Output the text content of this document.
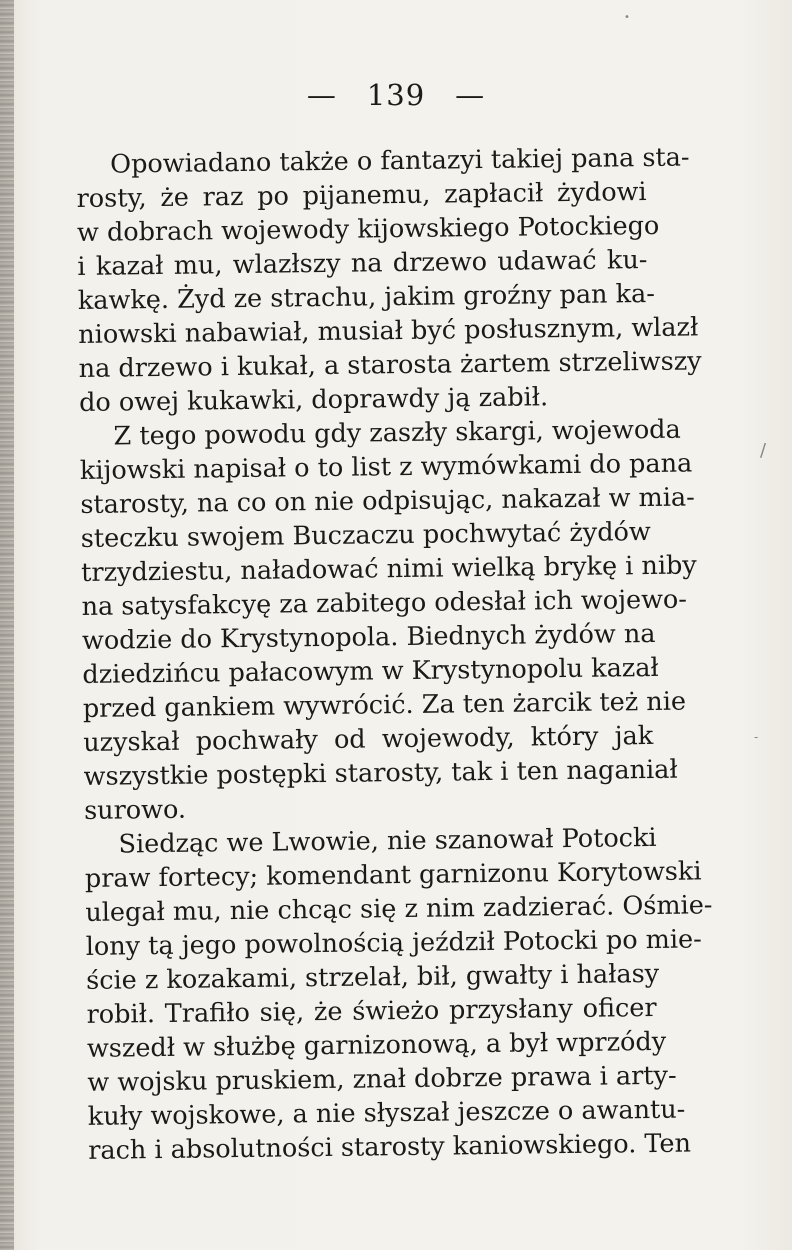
— 139 —
Opowiadano także o fantazyi takiej pana sta-
rosty, że raz po pijanemu, zapłacił żydowi
w dobrach wojewody kijowskiego Potockiego
i kazał mu, wlazłszy na drzewo udawać ku-
kawkę. Żyd ze strachu, jakim groźny pan ka-
niowski nabawiał, musiał być posłusznym, wlazł
na drzewo i kukał, a starosta żartem strzeliwszy
do owej kukawki, doprawdy ją zabił.
Z tego powodu gdy zaszły skargi, wojewoda
kijowski napisał o to list z wymówkami do pana
starosty, na co on nie odpisując, nakazał w mia-
steczku swojem Buczaczu pochwytać żydów
trzydziestu, naładować nimi wielką brykę i niby
na satysfakcyę za zabitego odesłał ich wojewo-
wodzie do Krystynopola. Biednych żydów na
dziedzińcu pałacowym w Krystynopolu kazał
przed gankiem wywrócić. Za ten żarcik też nie
uzyskał pochwały od wojewody, który jak
wszystkie postępki starosty, tak i ten naganiał
surowo.
Siedząc we Lwowie, nie szanował Potocki
praw fortecy; komendant garnizonu Korytowski
ulegał mu, nie chcąc się z nim zadzierać. Ośmie-
lony tą jego powolnością jeździł Potocki po mie-
ście z kozakami, strzelał, bił, gwałty i hałasy
robił. Trafiło się, że świeżo przysłany oficer
wszedł w służbę garnizonową, a był wprzódy
w wojsku pruskiem, znał dobrze prawa i arty-
kuły wojskowe, a nie słyszał jeszcze o awantu-
rach i absolutności starosty kaniowskiego. Ten
•
/
-
